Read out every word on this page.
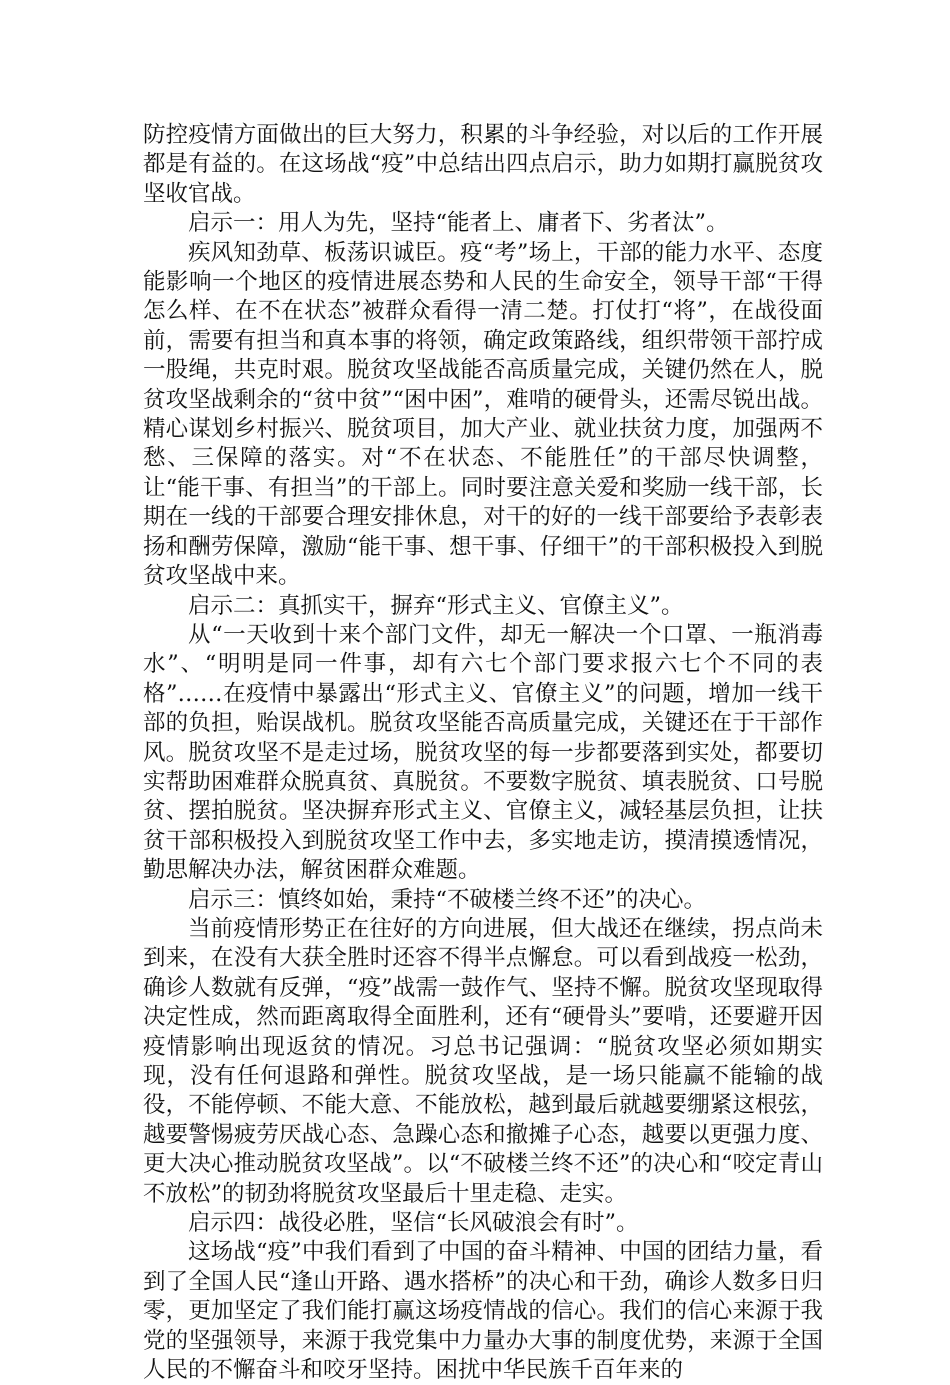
防控疫情方面做出的巨大努力，积累的斗争经验，对以后的工作开展都是有益的。在这场战“疫”中总结出四点启示，助力如期打赢脱贫攻坚收官战。

启示一：用人为先，坚持“能者上、庸者下、劣者汰”。

疾风知劲草、板荡识诚臣。疫“考”场上，干部的能力水平、态度能影响一个地区的疫情进展态势和人民的生命安全，领导干部“干得怎么样、在不在状态”被群众看得一清二楚。打仗打“将”，在战役面前，需要有担当和真本事的将领，确定政策路线，组织带领干部拧成一股绳，共克时艰。脱贫攻坚战能否高质量完成，关键仍然在人，脱贫攻坚战剩余的“贫中贫”“困中困”，难啃的硬骨头，还需尽锐出战。精心谋划乡村振兴、脱贫项目，加大产业、就业扶贫力度，加强两不愁、三保障的落实。对“不在状态、不能胜任”的干部尽快调整，让“能干事、有担当”的干部上。同时要注意关爱和奖励一线干部，长期在一线的干部要合理安排休息，对干的好的一线干部要给予表彰表扬和酬劳保障，激励“能干事、想干事、仔细干”的干部积极投入到脱贫攻坚战中来。

启示二：真抓实干，摒弃“形式主义、官僚主义”。

从“一天收到十来个部门文件，却无一解决一个口罩、一瓶消毒水”、“明明是同一件事，却有六七个部门要求报六七个不同的表格”……在疫情中暴露出“形式主义、官僚主义”的问题，增加一线干部的负担，贻误战机。脱贫攻坚能否高质量完成，关键还在于干部作风。脱贫攻坚不是走过场，脱贫攻坚的每一步都要落到实处，都要切实帮助困难群众脱真贫、真脱贫。不要数字脱贫、填表脱贫、口号脱贫、摆拍脱贫。坚决摒弃形式主义、官僚主义，减轻基层负担，让扶贫干部积极投入到脱贫攻坚工作中去，多实地走访，摸清摸透情况，勤思解决办法，解贫困群众难题。

启示三：慎终如始，秉持“不破楼兰终不还”的决心。

当前疫情形势正在往好的方向进展，但大战还在继续，拐点尚未到来，在没有大获全胜时还容不得半点懈怠。可以看到战疫一松劲，确诊人数就有反弹，“疫”战需一鼓作气、坚持不懈。脱贫攻坚现取得决定性成，然而距离取得全面胜利，还有“硬骨头”要啃，还要避开因疫情影响出现返贫的情况。习总书记强调：“脱贫攻坚必须如期实现，没有任何退路和弹性。脱贫攻坚战，是一场只能赢不能输的战役，不能停顿、不能大意、不能放松，越到最后就越要绷紧这根弦，越要警惕疲劳厌战心态、急躁心态和撤摊子心态，越要以更强力度、更大决心推动脱贫攻坚战”。以“不破楼兰终不还”的决心和“咬定青山不放松”的韧劲将脱贫攻坚最后十里走稳、走实。

启示四：战役必胜，坚信“长风破浪会有时”。

这场战“疫”中我们看到了中国的奋斗精神、中国的团结力量，看到了全国人民“逢山开路、遇水搭桥”的决心和干劲，确诊人数多日归零，更加坚定了我们能打赢这场疫情战的信心。我们的信心来源于我党的坚强领导，来源于我党集中力量办大事的制度优势，来源于全国人民的不懈奋斗和咬牙坚持。困扰中华民族千百年来的
